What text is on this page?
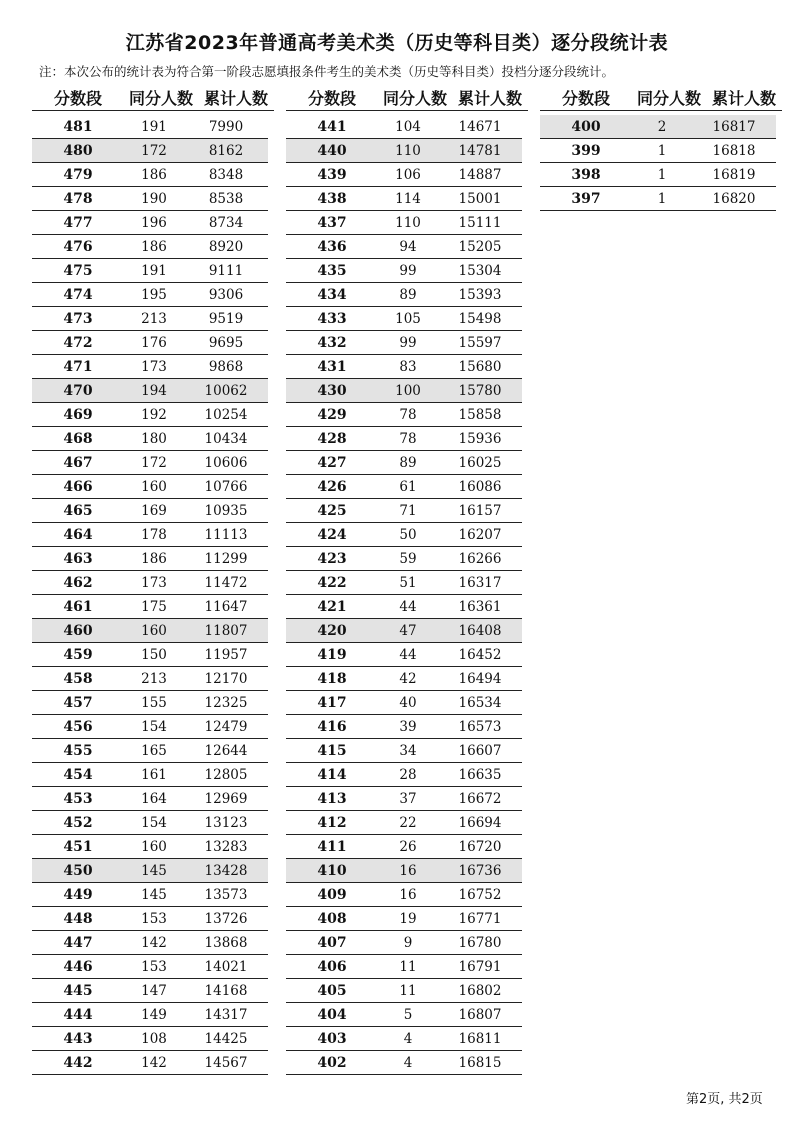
江苏省2023年普通高考美术类（历史等科目类）逐分段统计表
注：本次公布的统计表为符合第一阶段志愿填报条件考生的美术类（历史等科目类）投档分逐分段统计。
分数段	同分人数 累计人数
481	191	7990
480	172	8162
479	186	8348
478	190	8538
477	196	8734
476	186	8920
475	191	9111
474	195	9306
473	213	9519
472	176	9695
471	173	9868
470	194	10062
469	192	10254
468	180	10434
467	172	10606
466	160	10766
465	169	10935
464	178	11113
463	186	11299
462	173	11472
461	175	11647
460	160	11807
459	150	11957
458	213	12170
457	155	12325
456	154	12479
455	165	12644
454	161	12805
453	164	12969
452	154	13123
451	160	13283
450	145	13428
449	145	13573
448	153	13726
447	142	13868
446	153	14021
445	147	14168
444	149	14317
443	108	14425
442	142	14567
分数段	同分人数 累计人数
441	104	14671
440	110	14781
439	106	14887
438	114	15001
437	110	15111
436	94	15205
435	99	15304
434	89	15393
433	105	15498
432	99	15597
431	83	15680
430	100	15780
429	78	15858
428	78	15936
427	89	16025
426	61	16086
425	71	16157
424	50	16207
423	59	16266
422	51	16317
421	44	16361
420	47	16408
419	44	16452
418	42	16494
417	40	16534
416	39	16573
415	34	16607
414	28	16635
413	37	16672
412	22	16694
411	26	16720
410	16	16736
409	16	16752
408	19	16771
407	9	16780
406	11	16791
405	11	16802
404	5	16807
403	4	16811
402	4	16815
分数段	同分人数 累计人数
400	2	16817
399	1	16818
398	1	16819
397	1	16820
第2页, 共2页
